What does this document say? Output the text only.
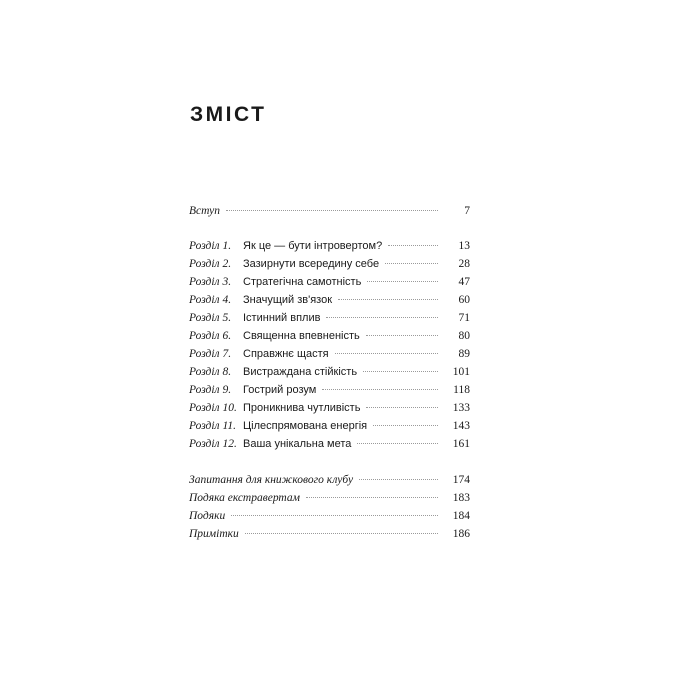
ЗМІСТ
Вступ	7
Розділ 1.	Як це — бути інтровертом?	13
Розділ 2.	Зазирнути всередину себе	28
Розділ 3.	Стратегічна самотність	47
Розділ 4.	Значущий зв'язок	60
Розділ 5.	Істинний вплив	71
Розділ 6.	Священна впевненість	80
Розділ 7.	Справжнє щастя	89
Розділ 8.	Вистраждана стійкість	101
Розділ 9.	Гострий розум	118
Розділ 10. Проникнива чутливість	133
Розділ 11. Цілеспрямована енергія	143
Розділ 12. Ваша унікальна мета	161
Запитання для книжкового клубу	174
Подяка екстравертам	183
Подяки	184
Примітки	186
